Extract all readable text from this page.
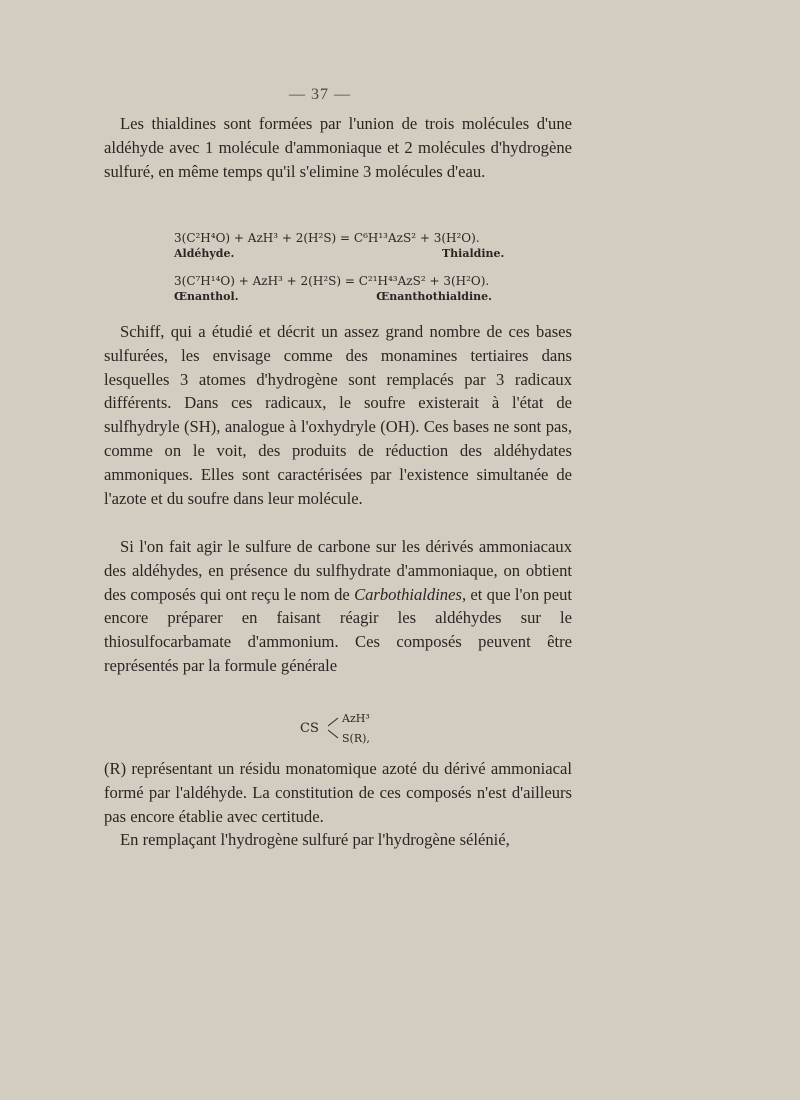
— 37 —

Les thialdines sont formées par l'union de trois molécules d'une aldéhyde avec 1 molécule d'ammoniaque et 2 molécules d'hydrogène sulfuré, en même temps qu'il s'elimine 3 molécules d'eau.

3(C²H⁴O) + AzH³ + 2(H²S) = C⁶H¹³AzS² + 3(H²O).
Aldéhyde.	Thialdine.
3(C⁷H¹⁴O) + AzH³ + 2(H²S) = C²¹H⁴³AzS² + 3(H²O).
Œnanthol.	Œnanthothialdine.

Schiff, qui a étudié et décrit un assez grand nombre de ces bases sulfurées, les envisage comme des monamines tertiaires dans lesquelles 3 atomes d'hydrogène sont remplacés par 3 radicaux différents. Dans ces radicaux, le soufre existerait à l'état de sulfhydryle (SH), analogue à l'oxhydryle (OH). Ces bases ne sont pas, comme on le voit, des produits de réduction des aldéhydates ammoniques. Elles sont caractérisées par l'existence simultanée de l'azote et du soufre dans leur molécule.

Si l'on fait agir le sulfure de carbone sur les dérivés ammoniacaux des aldéhydes, en présence du sulfhydrate d'ammoniaque, on obtient des composés qui ont reçu le nom de Carbothialdines, et que l'on peut encore préparer en faisant réagir les aldéhydes sur le thiosulfocarbamate d'ammonium. Ces composés peuvent être représentés par la formule générale

CS
AzH³
S(R),

(R) représentant un résidu monatomique azoté du dérivé ammoniacal formé par l'aldéhyde. La constitution de ces composés n'est d'ailleurs pas encore établie avec certitude.

En remplaçant l'hydrogène sulfuré par l'hydrogène sélénié,
